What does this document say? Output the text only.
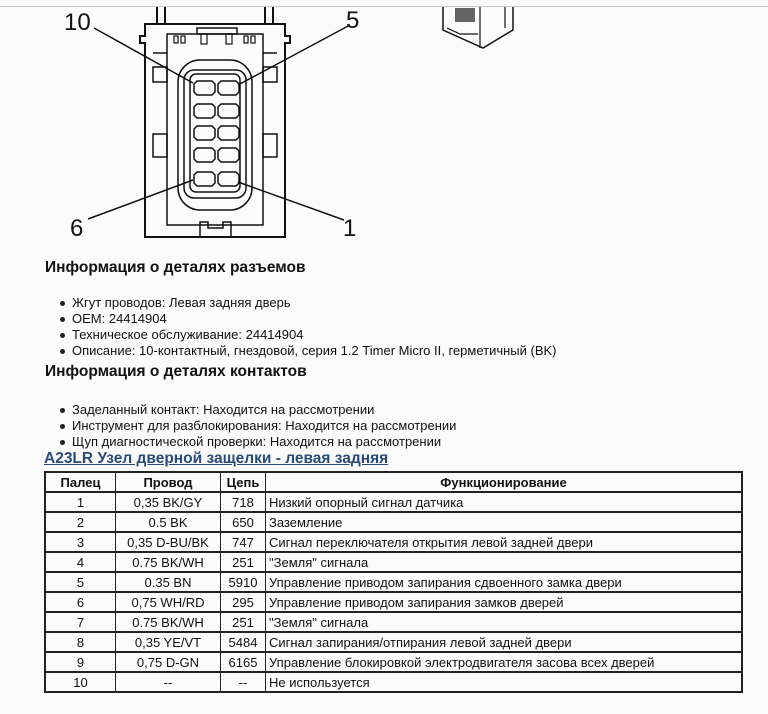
10	5
6	1
Информация о деталях разъемов
Жгут проводов: Левая задняя дверь
OEM: 24414904
Техническое обслуживание: 24414904
Описание: 10-контактный, гнездовой, серия 1.2 Timer Micro II, герметичный (BK)
Информация о деталях контактов
Заделанный контакт: Находится на рассмотрении
Инструмент для разблокирования: Находится на рассмотрении
Щуп диагностической проверки: Находится на рассмотрении
A23LR Узел дверной защелки - левая задняя
Палец	Провод	Цепь	Функционирование
1	0,35 BK/GY	718	Низкий опорный сигнал датчика
2	0.5 BK	650	Заземление
3	0,35 D-BU/BK	747	Сигнал переключателя открытия левой задней двери
4	0.75 BK/WH	251	"Земля" сигнала
5	0.35 BN	5910	Управление приводом запирания сдвоенного замка двери
6	0,75 WH/RD	295	Управление приводом запирания замков дверей
7	0.75 BK/WH	251	"Земля" сигнала
8	0,35 YE/VT	5484	Сигнал запирания/отпирания левой задней двери
9	0,75 D-GN	6165	Управление блокировкой электродвигателя засова всех дверей
10	--	--	Не используется
